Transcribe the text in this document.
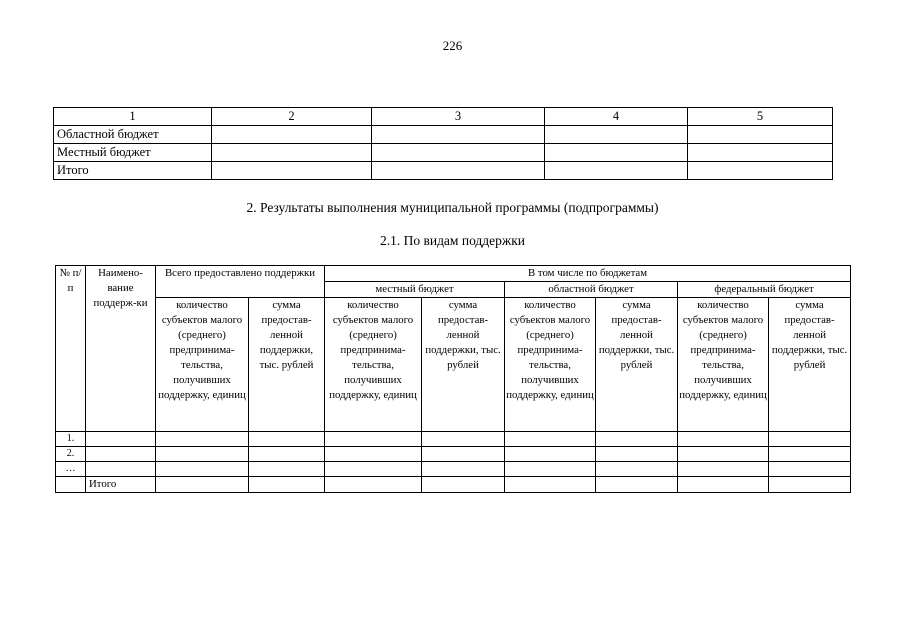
226
1	2	3	4	5
Областной бюджет				
Местный бюджет				
Итого				
2. Результаты выполнения муниципальной программы (подпрограммы)
2.1. По видам поддержки
№ п/п	Наимено-вание поддерж-ки	Всего предоставлено поддержки		В том числе по бюджетам					
				местный бюджет		областной бюджет		федеральный бюджет	
		количество субъектов малого (среднего) предпринима-тельства, получивших поддержку, единиц	сумма предостав-ленной поддержки, тыс. рублей	количество субъектов малого (среднего) предпринима-тельства, получивших поддержку, единиц	сумма предостав-ленной поддержки, тыс. рублей	количество субъектов малого (среднего) предпринима-тельства, получивших поддержку, единиц	сумма предостав-ленной поддержки, тыс. рублей	количество субъектов малого (среднего) предпринима-тельства, получивших поддержку, единиц	сумма предостав-ленной поддержки, тыс. рублей
1.									
2.									
…									
	Итого								
